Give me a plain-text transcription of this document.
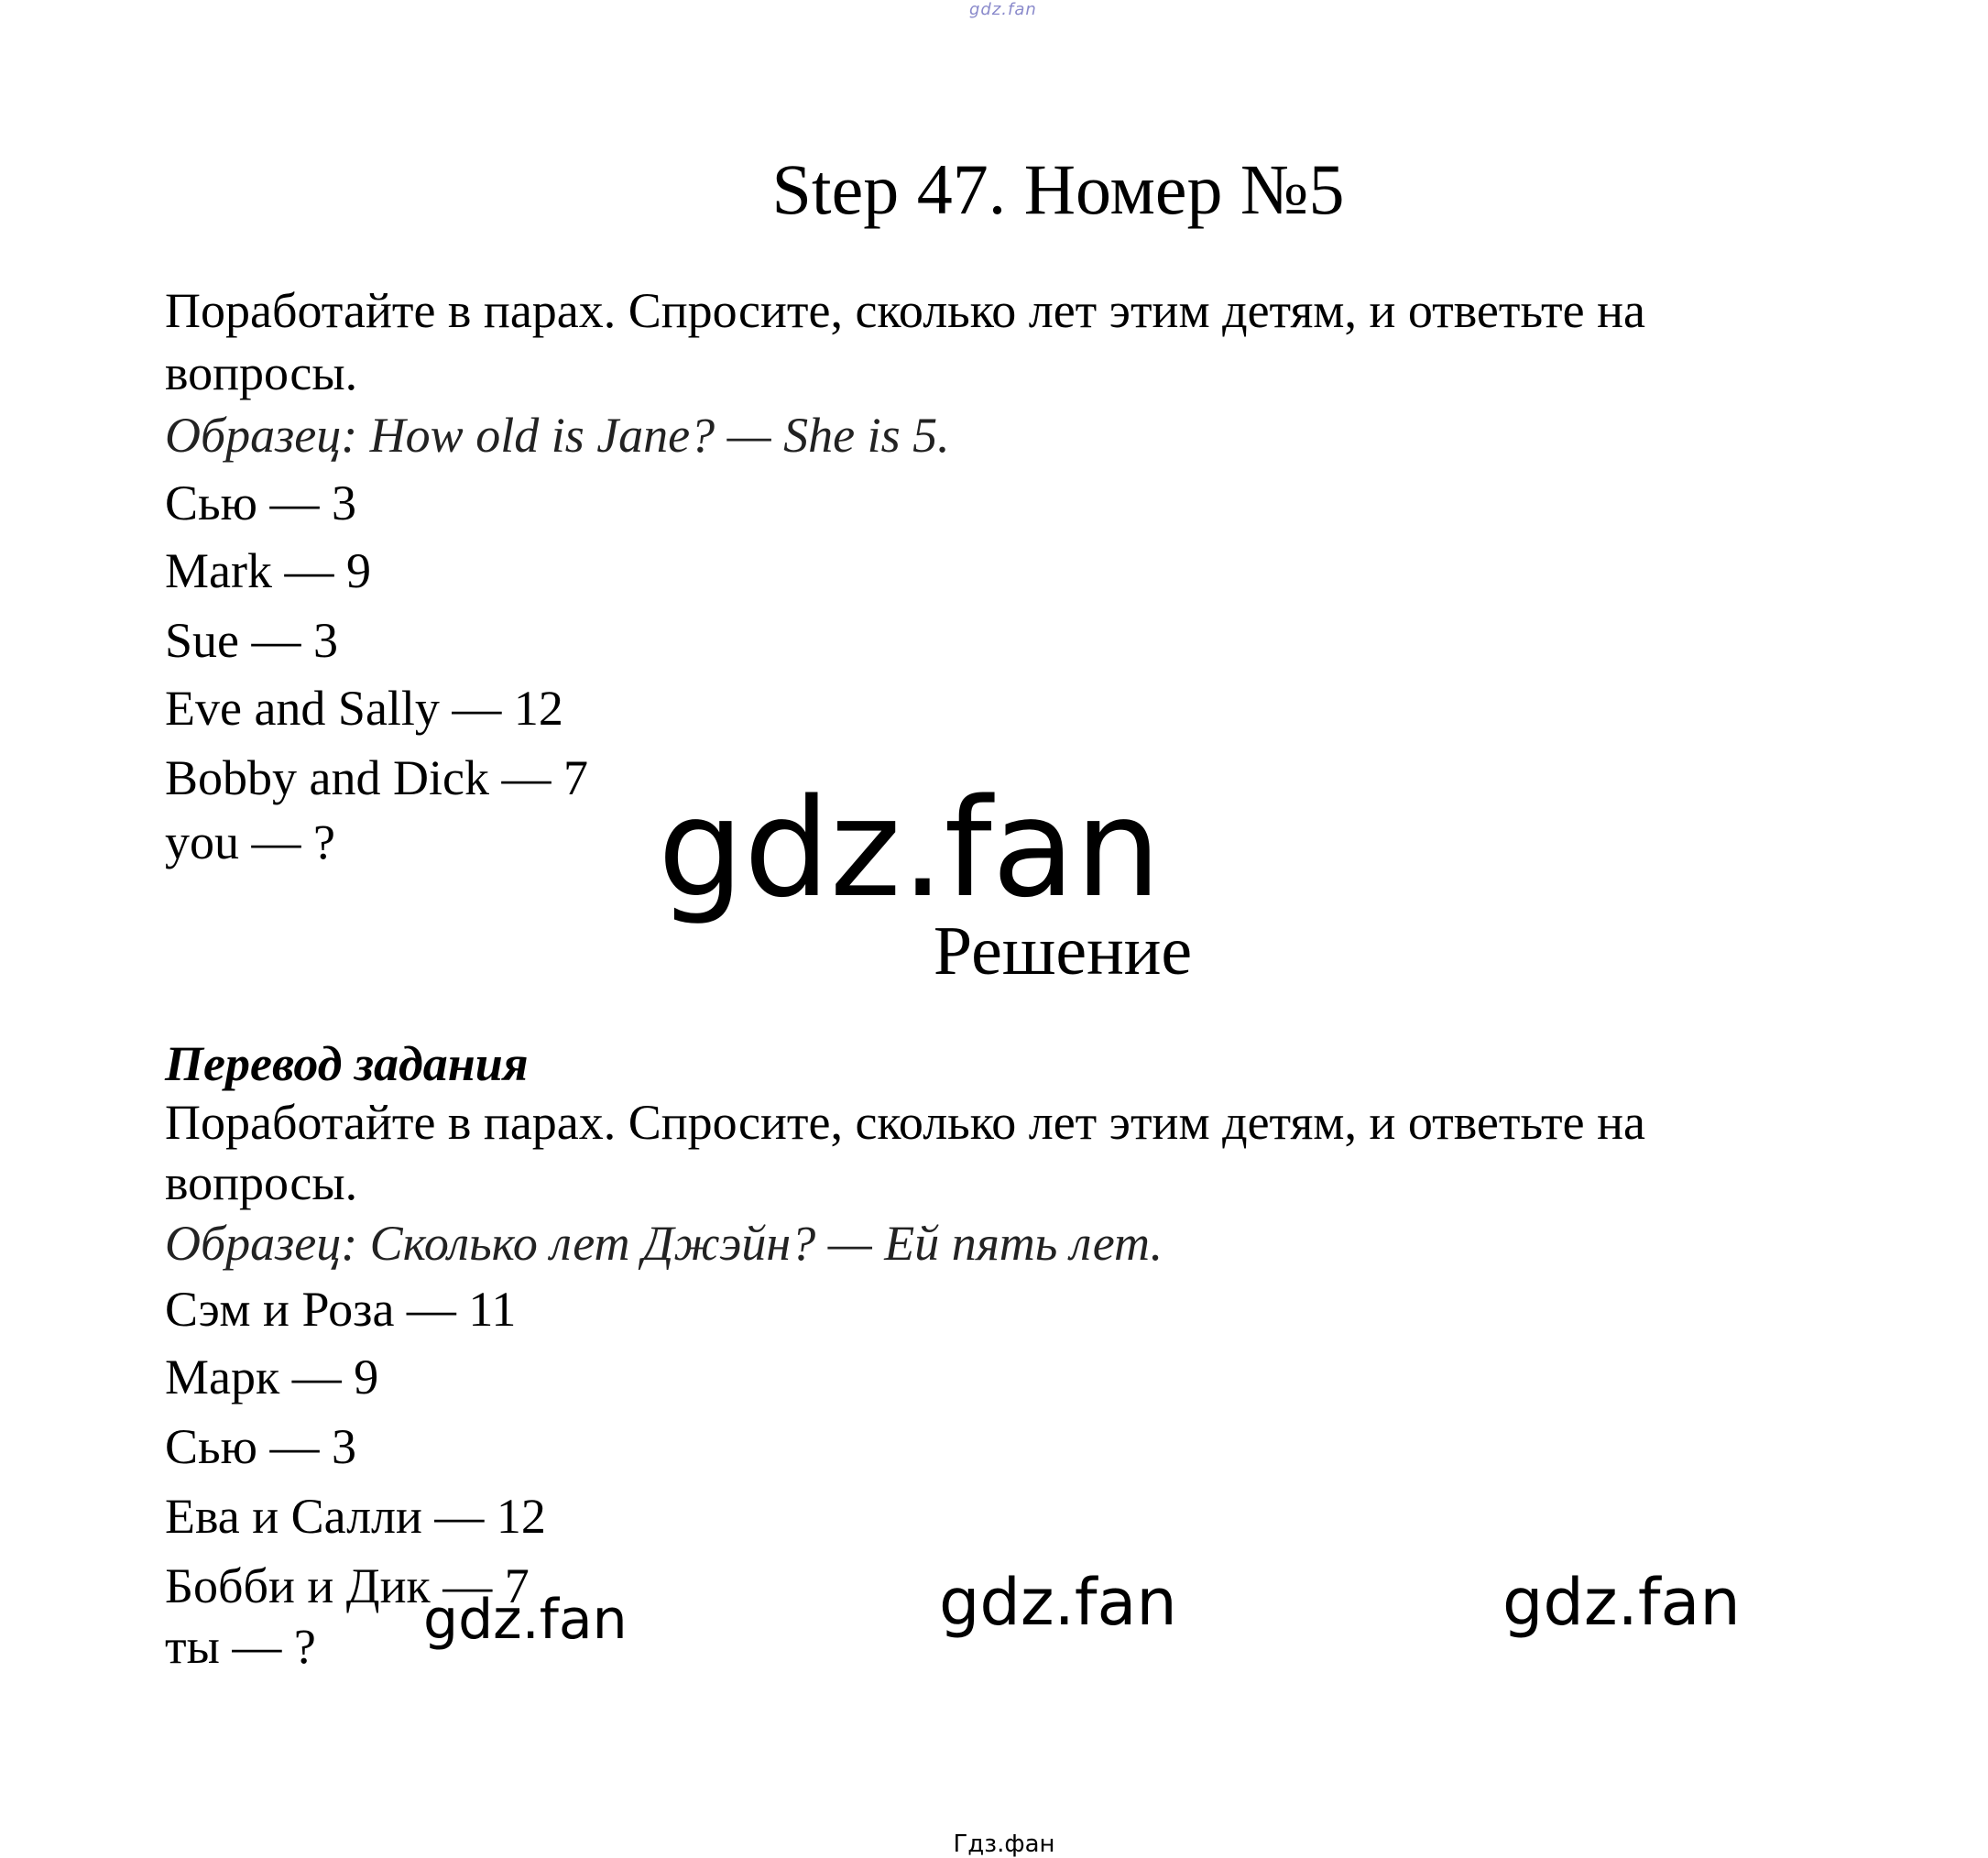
gdz.fan
Step 47. Номер №5
Поработайте в парах. Спросите, сколько лет этим детям, и ответьте на
вопросы.
Образец: How old is Jane? — She is 5.
Сью — 3
Mark — 9
Sue — 3
Eve and Sally — 12
Bobby and Dick — 7
you — ? gdz.fan
Решение
Перевод задания
Поработайте в парах. Спросите, сколько лет этим детям, и ответьте на
вопросы.
Образец: Сколько лет Джэйн? — Ей пять лет.
Сэм и Роза — 11
Марк — 9
Сью — 3
Ева и Салли — 12
Бобби и Дик — 7
ты — ? gdz.fan	gdz.fan	gdz.fan
Гдз.фан
